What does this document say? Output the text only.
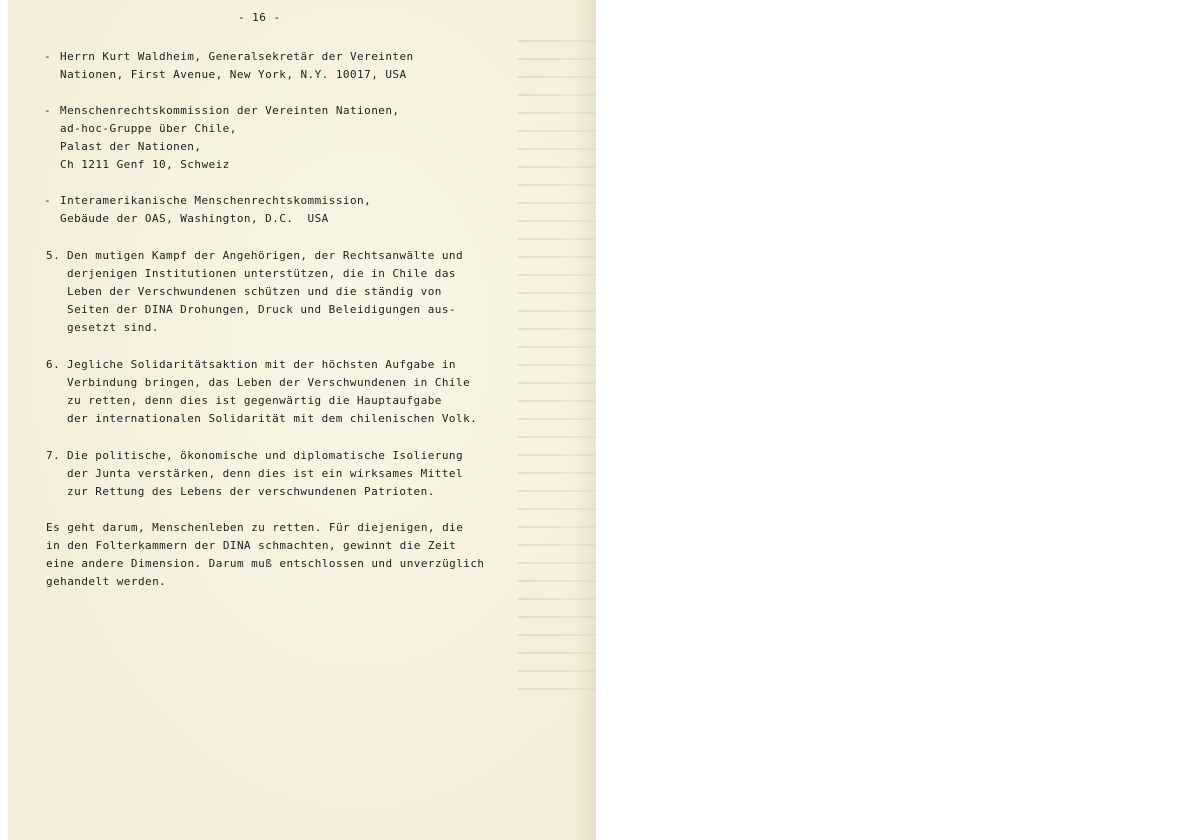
- 16 -
- Herrn Kurt Waldheim, Generalsekretär der Vereinten
Nationen, First Avenue, New York, N.Y. 10017, USA
- Menschenrechtskommission der Vereinten Nationen,
ad-hoc-Gruppe über Chile,
Palast der Nationen,
Ch 1211 Genf 10, Schweiz
- Interamerikanische Menschenrechtskommission,
Gebäude der OAS, Washington, D.C.  USA
5. Den mutigen Kampf der Angehörigen, der Rechtsanwälte und
derjenigen Institutionen unterstützen, die in Chile das
Leben der Verschwundenen schützen und die ständig von
Seiten der DINA Drohungen, Druck und Beleidigungen aus-
gesetzt sind.
6. Jegliche Solidaritätsaktion mit der höchsten Aufgabe in
Verbindung bringen, das Leben der Verschwundenen in Chile
zu retten, denn dies ist gegenwärtig die Hauptaufgabe
der internationalen Solidarität mit dem chilenischen Volk.
7. Die politische, ökonomische und diplomatische Isolierung
der Junta verstärken, denn dies ist ein wirksames Mittel
zur Rettung des Lebens der verschwundenen Patrioten.
Es geht darum, Menschenleben zu retten. Für diejenigen, die
in den Folterkammern der DINA schmachten, gewinnt die Zeit
eine andere Dimension. Darum muß entschlossen und unverzüglich
gehandelt werden.
